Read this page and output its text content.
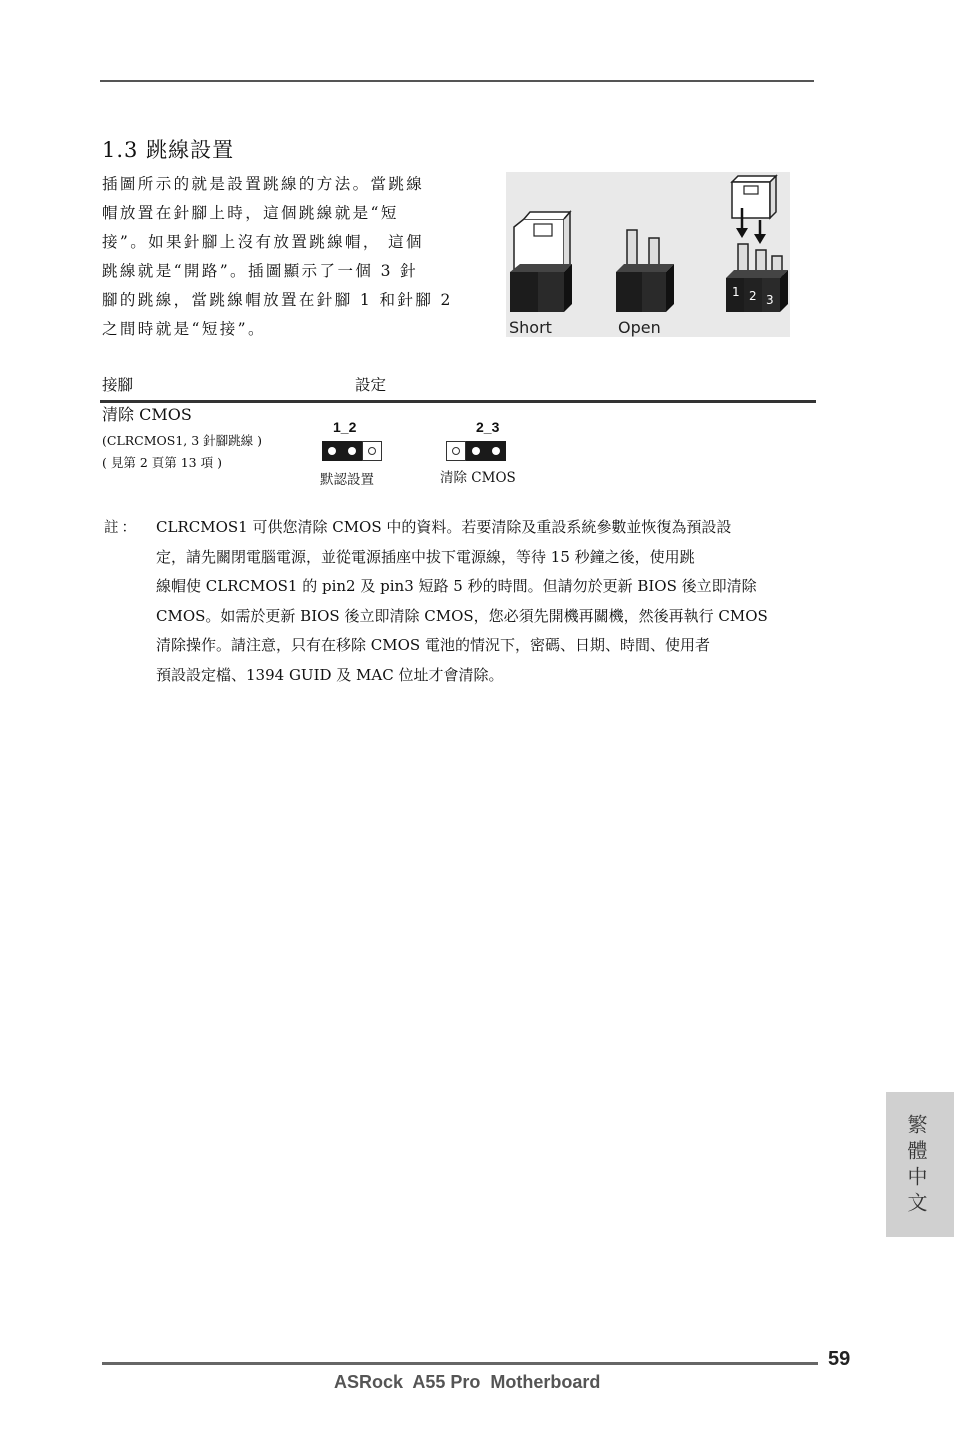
1.3 跳線設置
插圖所示的就是設置跳線的方法。當跳線
帽放置在針腳上時，這個跳線就是“短
接”。如果針腳上沒有放置跳線帽， 這個
跳線就是“開路”。插圖顯示了一個 3 針
腳的跳線，當跳線帽放置在針腳 1 和針腳 2
之間時就是“短接”。
1 2 3
Short	Open
接腳	設定
清除 CMOS
(CLRCMOS1, 3 針腳跳線 )
( 見第 2 頁第 13 項 )
1_2
默認設置
2_3
清除 CMOS
註： CLRCMOS1 可供您清除 CMOS 中的資料。若要清除及重設系統參數並恢復為預設設
定，請先關閉電腦電源，並從電源插座中拔下電源線，等待 15 秒鐘之後，使用跳
線帽使 CLRCMOS1 的 pin2 及 pin3 短路 5 秒的時間。但請勿於更新 BIOS 後立即清除
CMOS。如需於更新 BIOS 後立即清除 CMOS，您必須先開機再關機，然後再執行 CMOS
清除操作。請注意，只有在移除 CMOS 電池的情況下，密碼、日期、時間、使用者
預設設定檔、1394 GUID 及 MAC 位址才會清除。
繁體中文
59
ASRock  A55 Pro  Motherboard
